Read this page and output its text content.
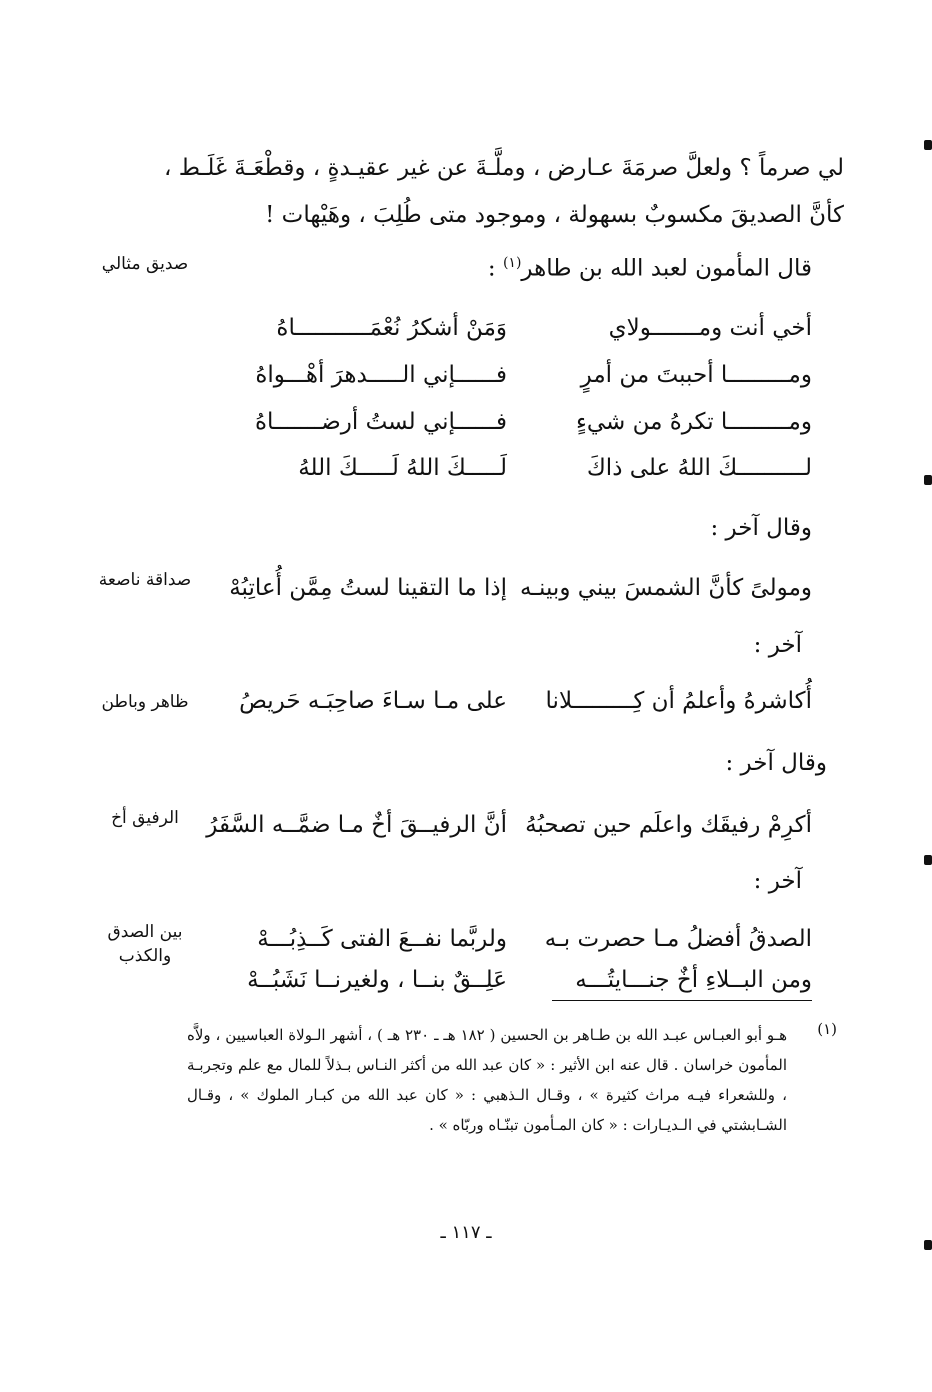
لي صرماً ؟ ولعلَّ صرمَةَ عـارض ، وملَّـةَ عن غير عقيـدةٍ ، وقطْعَـةَ غَلَـط ،
كأنَّ الصديقَ مكسوبٌ بسهولة ، وموجود متى طُلِبَ ، وهَيْهات !
قال المأمون لعبد الله بن طاهر$^{(١)}$ :
صديق مثالي
أخي أنت ومـــــــولاي
وَمَنْ أشكرُ نُعْمَـــــــــــاهُ
ومـــــــــا أحببتَ من أمرٍ
فــــــإني الـــــدهرَ أهْـــواهُ
ومـــــــــا تكرهُ من شيءٍ
فــــــإني لستُ أرضـــــــاهُ
لــــــــــكَ اللهُ على ذاكَ
لَـــــكَ اللهُ لَـــــكَ اللهُ
وقال آخر :
ومولىً كأنَّ الشمسَ بيني وبينـه
إذا ما التقينا لستُ مِمَّن أُعاتِبُهْ
صداقة ناصعة
آخر :
أُكاشرهُ وأعلمُ أن كِـــــــــلانا
على مـا سـاءَ صاحِبَـه حَريصُ
ظاهر وباطن
وقال آخر :
أكرِمْ رفيقَك واعلَم حين تصحبُهُ
أنَّ الرفيــقَ أخٌ مـا ضمَّــه السَّفَرُ
الرفيق أخ
آخر :
الصدقُ أفضلُ مـا حصرت بـه
ولربَّما نفــعَ الفتى كَــذِبُـــهْ
ومن البــلاءِ أخٌ جنـــايتُـــه
عَلِــقٌ بنــا ، ولغيرنــا نَشَبُــهْ
بين الصدق
والكذب
(١)
هـو أبو العبـاس عبـد الله بن طـاهر بن الحسين ( ١٨٢ هـ ـ ٢٣٠ هـ ) ، أشهر الـولاة العباسيين ، ولاَّه المأمون خراسان . قال عنه ابن الأثير : « كان عبد الله من أكثر النـاس بـذلاً للمال مع علم وتجربـة ، وللشعراء فيـه مراث كثيرة » ، وقـال الـذهبي : « كان عبد الله من كبـار الملوك » ، وقـال الشـابشتي في الـديـارات : « كان المـأمون تبنّـاه وربّاه » .
ـ ١١٧ ـ
